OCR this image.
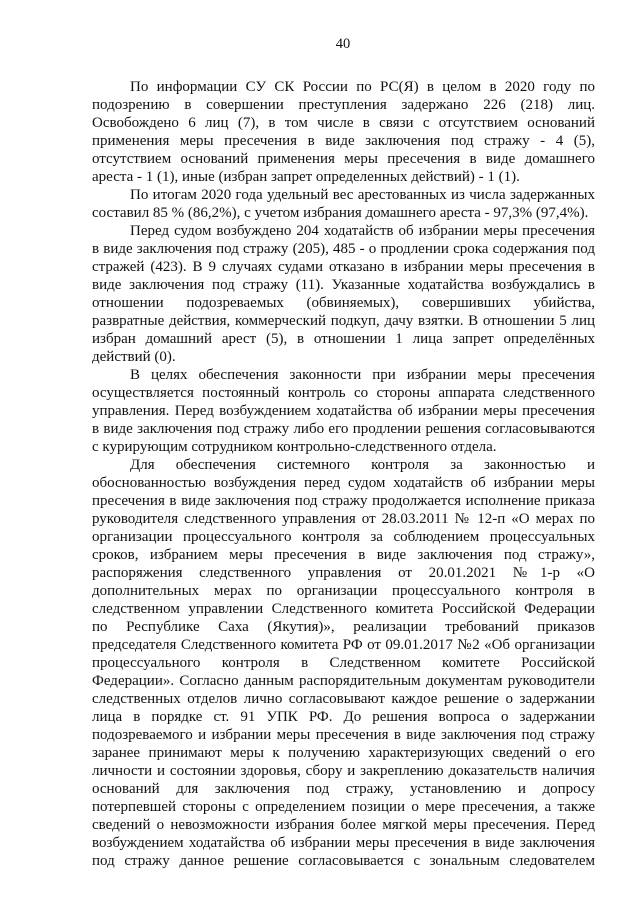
40
По информации СУ СК России по РС(Я) в целом в 2020 году по
подозрению в совершении преступления задержано 226 (218) лиц.
Освобождено 6 лиц (7), в том числе в связи с отсутствием оснований
применения меры пресечения в виде заключения под стражу - 4 (5),
отсутствием оснований применения меры пресечения в виде домашнего
ареста - 1 (1), иные (избран запрет определенных действий) - 1 (1).
По итогам 2020 года удельный вес арестованных из числа задержанных
составил 85 % (86,2%), с учетом избрания домашнего ареста - 97,3% (97,4%).
Перед судом возбуждено 204 ходатайств об избрании меры пресечения
в виде заключения под стражу (205), 485 - о продлении срока содержания под
стражей (423). В 9 случаях судами отказано в избрании меры пресечения в
виде заключения под стражу (11). Указанные ходатайства возбуждались в
отношении подозреваемых (обвиняемых), совершивших убийства,
развратные действия, коммерческий подкуп, дачу взятки. В отношении 5 лиц
избран домашний арест (5), в отношении 1 лица запрет определённых
действий (0).
В целях обеспечения законности при избрании меры пресечения
осуществляется постоянный контроль со стороны аппарата следственного
управления. Перед возбуждением ходатайства об избрании меры пресечения
в виде заключения под стражу либо его продлении решения согласовываются
с курирующим сотрудником контрольно-следственного отдела.
Для обеспечения системного контроля за законностью и
обоснованностью возбуждения перед судом ходатайств об избрании меры
пресечения в виде заключения под стражу продолжается исполнение приказа
руководителя следственного управления от 28.03.2011 № 12-п «О мерах по
организации процессуального контроля за соблюдением процессуальных
сроков, избранием меры пресечения в виде заключения под стражу»,
распоряжения следственного управления от 20.01.2021 №1-р «О
дополнительных мерах по организации процессуального контроля в
следственном управлении Следственного комитета Российской Федерации
по Республике Саха (Якутия)», реализации требований приказов
председателя Следственного комитета РФ от 09.01.2017 №2 «Об организации
процессуального контроля в Следственном комитете Российской
Федерации». Согласно данным распорядительным документам руководители
следственных отделов лично согласовывают каждое решение о задержании
лица в порядке ст. 91 УПК РФ. До решения вопроса о задержании
подозреваемого и избрании меры пресечения в виде заключения под стражу
заранее принимают меры к получению характеризующих сведений о его
личности и состоянии здоровья, сбору и закреплению доказательств наличия
оснований для заключения под стражу, установлению и допросу
потерпевшей стороны с определением позиции о мере пресечения, а также
сведений о невозможности избрания более мягкой меры пресечения. Перед
возбуждением ходатайства об избрании меры пресечения в виде заключения
под стражу данное решение согласовывается с зональным следователем
